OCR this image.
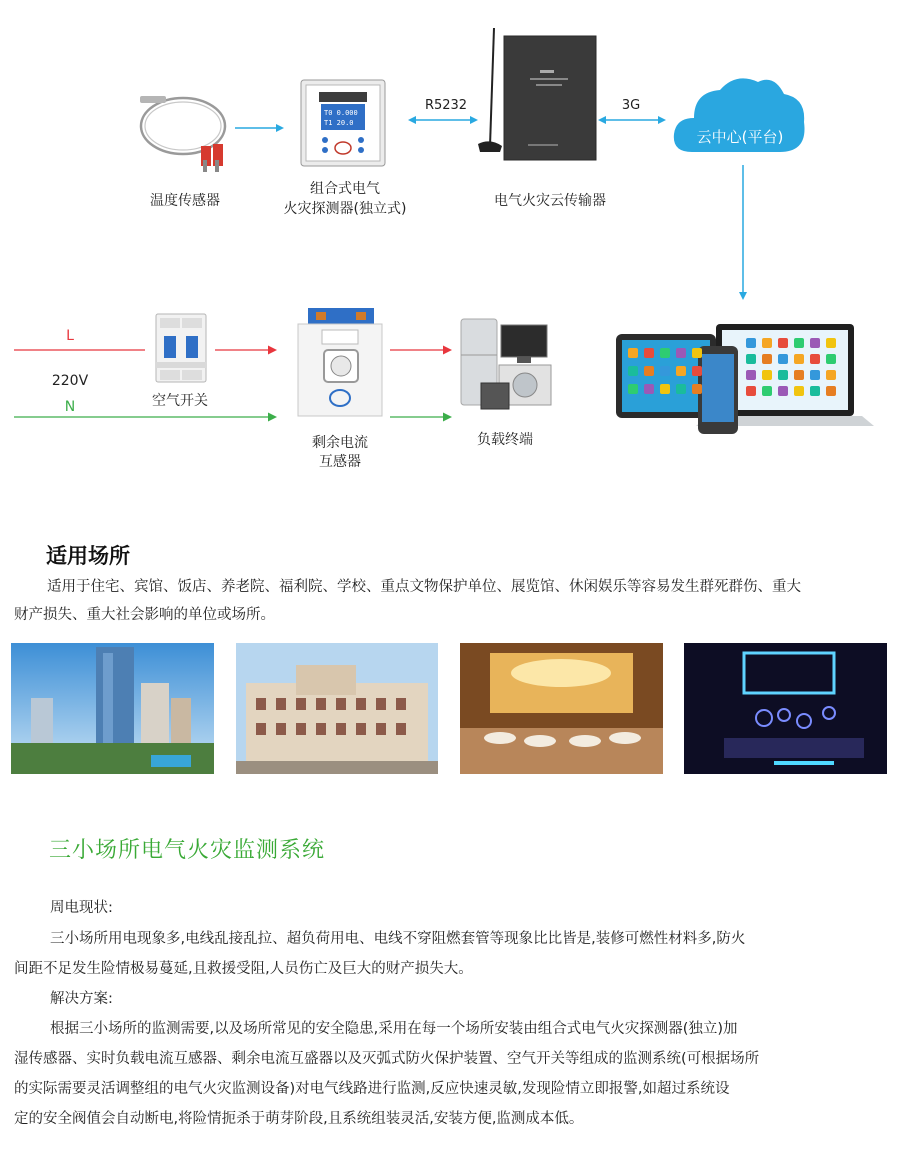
温度传感器
T0 0.000
T1 20.0
组合式电气
火灾探测器(独立式)
R5232
电气火灾云传输器
3G
云中心(平台)
L
220V
N	空气开关
剩余电流
互感器
负载终端
适用场所
适用于住宅、宾馆、饭店、养老院、福利院、学校、重点文物保护单位、展览馆、休闲娱乐等容易发生群死群伤、重大
财产损失、重大社会影响的单位或场所。
三小场所电气火灾监测系统
周电现状:
三小场所用电现象多,电线乱接乱拉、超负荷用电、电线不穿阻燃套管等现象比比皆是,装修可燃性材料多,防火
间距不足发生险情极易蔓延,且救援受阻,人员伤亡及巨大的财产损失大。
解决方案:
根据三小场所的监测需要,以及场所常见的安全隐患,采用在每一个场所安装由组合式电气火灾探测器(独立)加
湿传感器、实时负载电流互感器、剩余电流互盛器以及灭弧式防火保护装置、空气开关等组成的监测系统(可根据场所
的实际需要灵活调整组的电气火灾监测设备)对电气线路进行监测,反应快速灵敏,发现险情立即报警,如超过系统设
定的安全阀值会自动断电,将险情扼杀于萌芽阶段,且系统组装灵活,安装方便,监测成本低。
